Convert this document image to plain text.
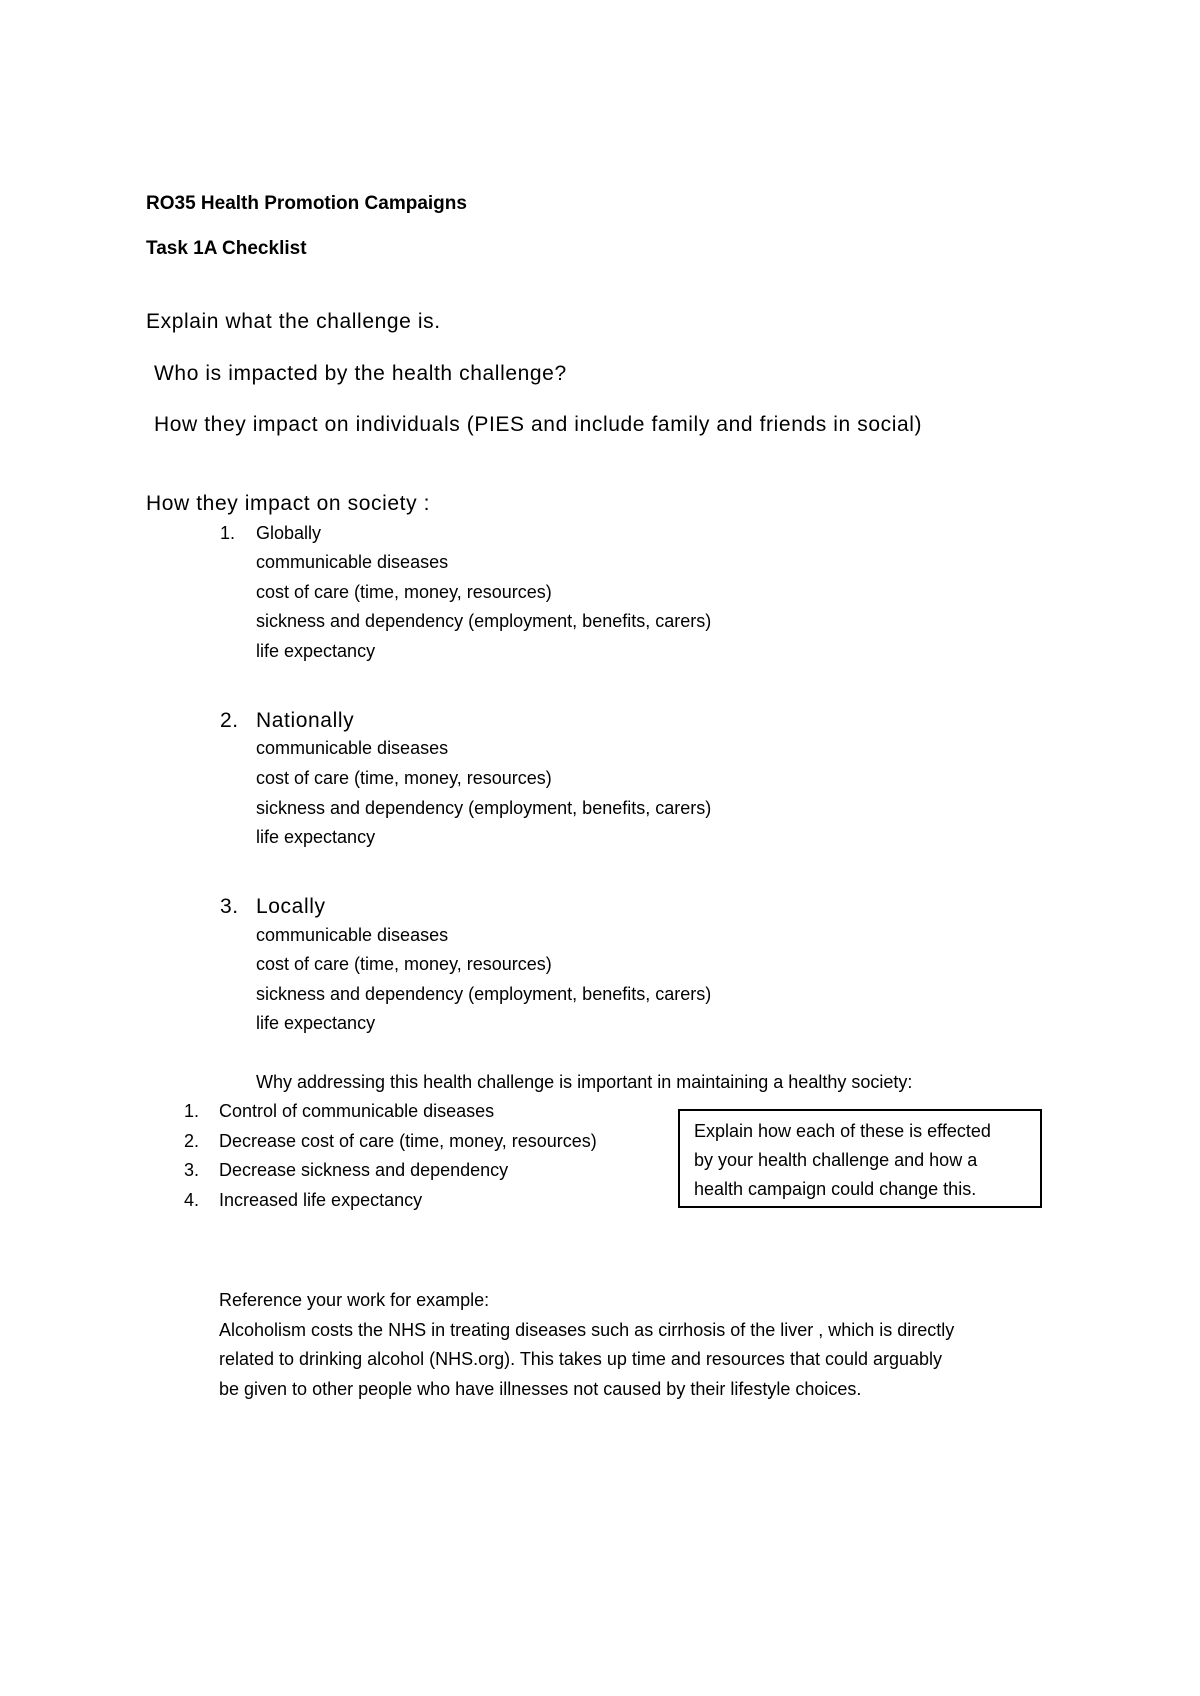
RO35 Health Promotion Campaigns
Task 1A Checklist
Explain what the challenge is.
Who is impacted by the health challenge?
How they impact on individuals (PIES and include family and friends in social)
How they impact on society :
1. Globally
communicable diseases
cost of care (time, money, resources)
sickness and dependency (employment, benefits, carers)
life expectancy
2. Nationally
communicable diseases
cost of care (time, money, resources)
sickness and dependency (employment, benefits, carers)
life expectancy
3. Locally
communicable diseases
cost of care (time, money, resources)
sickness and dependency (employment, benefits, carers)
life expectancy
Why addressing this health challenge is important in maintaining a healthy society:
1. Control of communicable diseases
2. Decrease cost of care (time, money, resources)
3. Decrease sickness and dependency
4. Increased life expectancy
Explain how each of these is effected
by your health challenge and how a
health campaign could change this.
Reference your work for example:
Alcoholism costs the NHS in treating diseases such as cirrhosis of the liver , which is directly
related to drinking alcohol (NHS.org). This takes up time and resources that could arguably
be given to other people who have illnesses not caused by their lifestyle choices.
